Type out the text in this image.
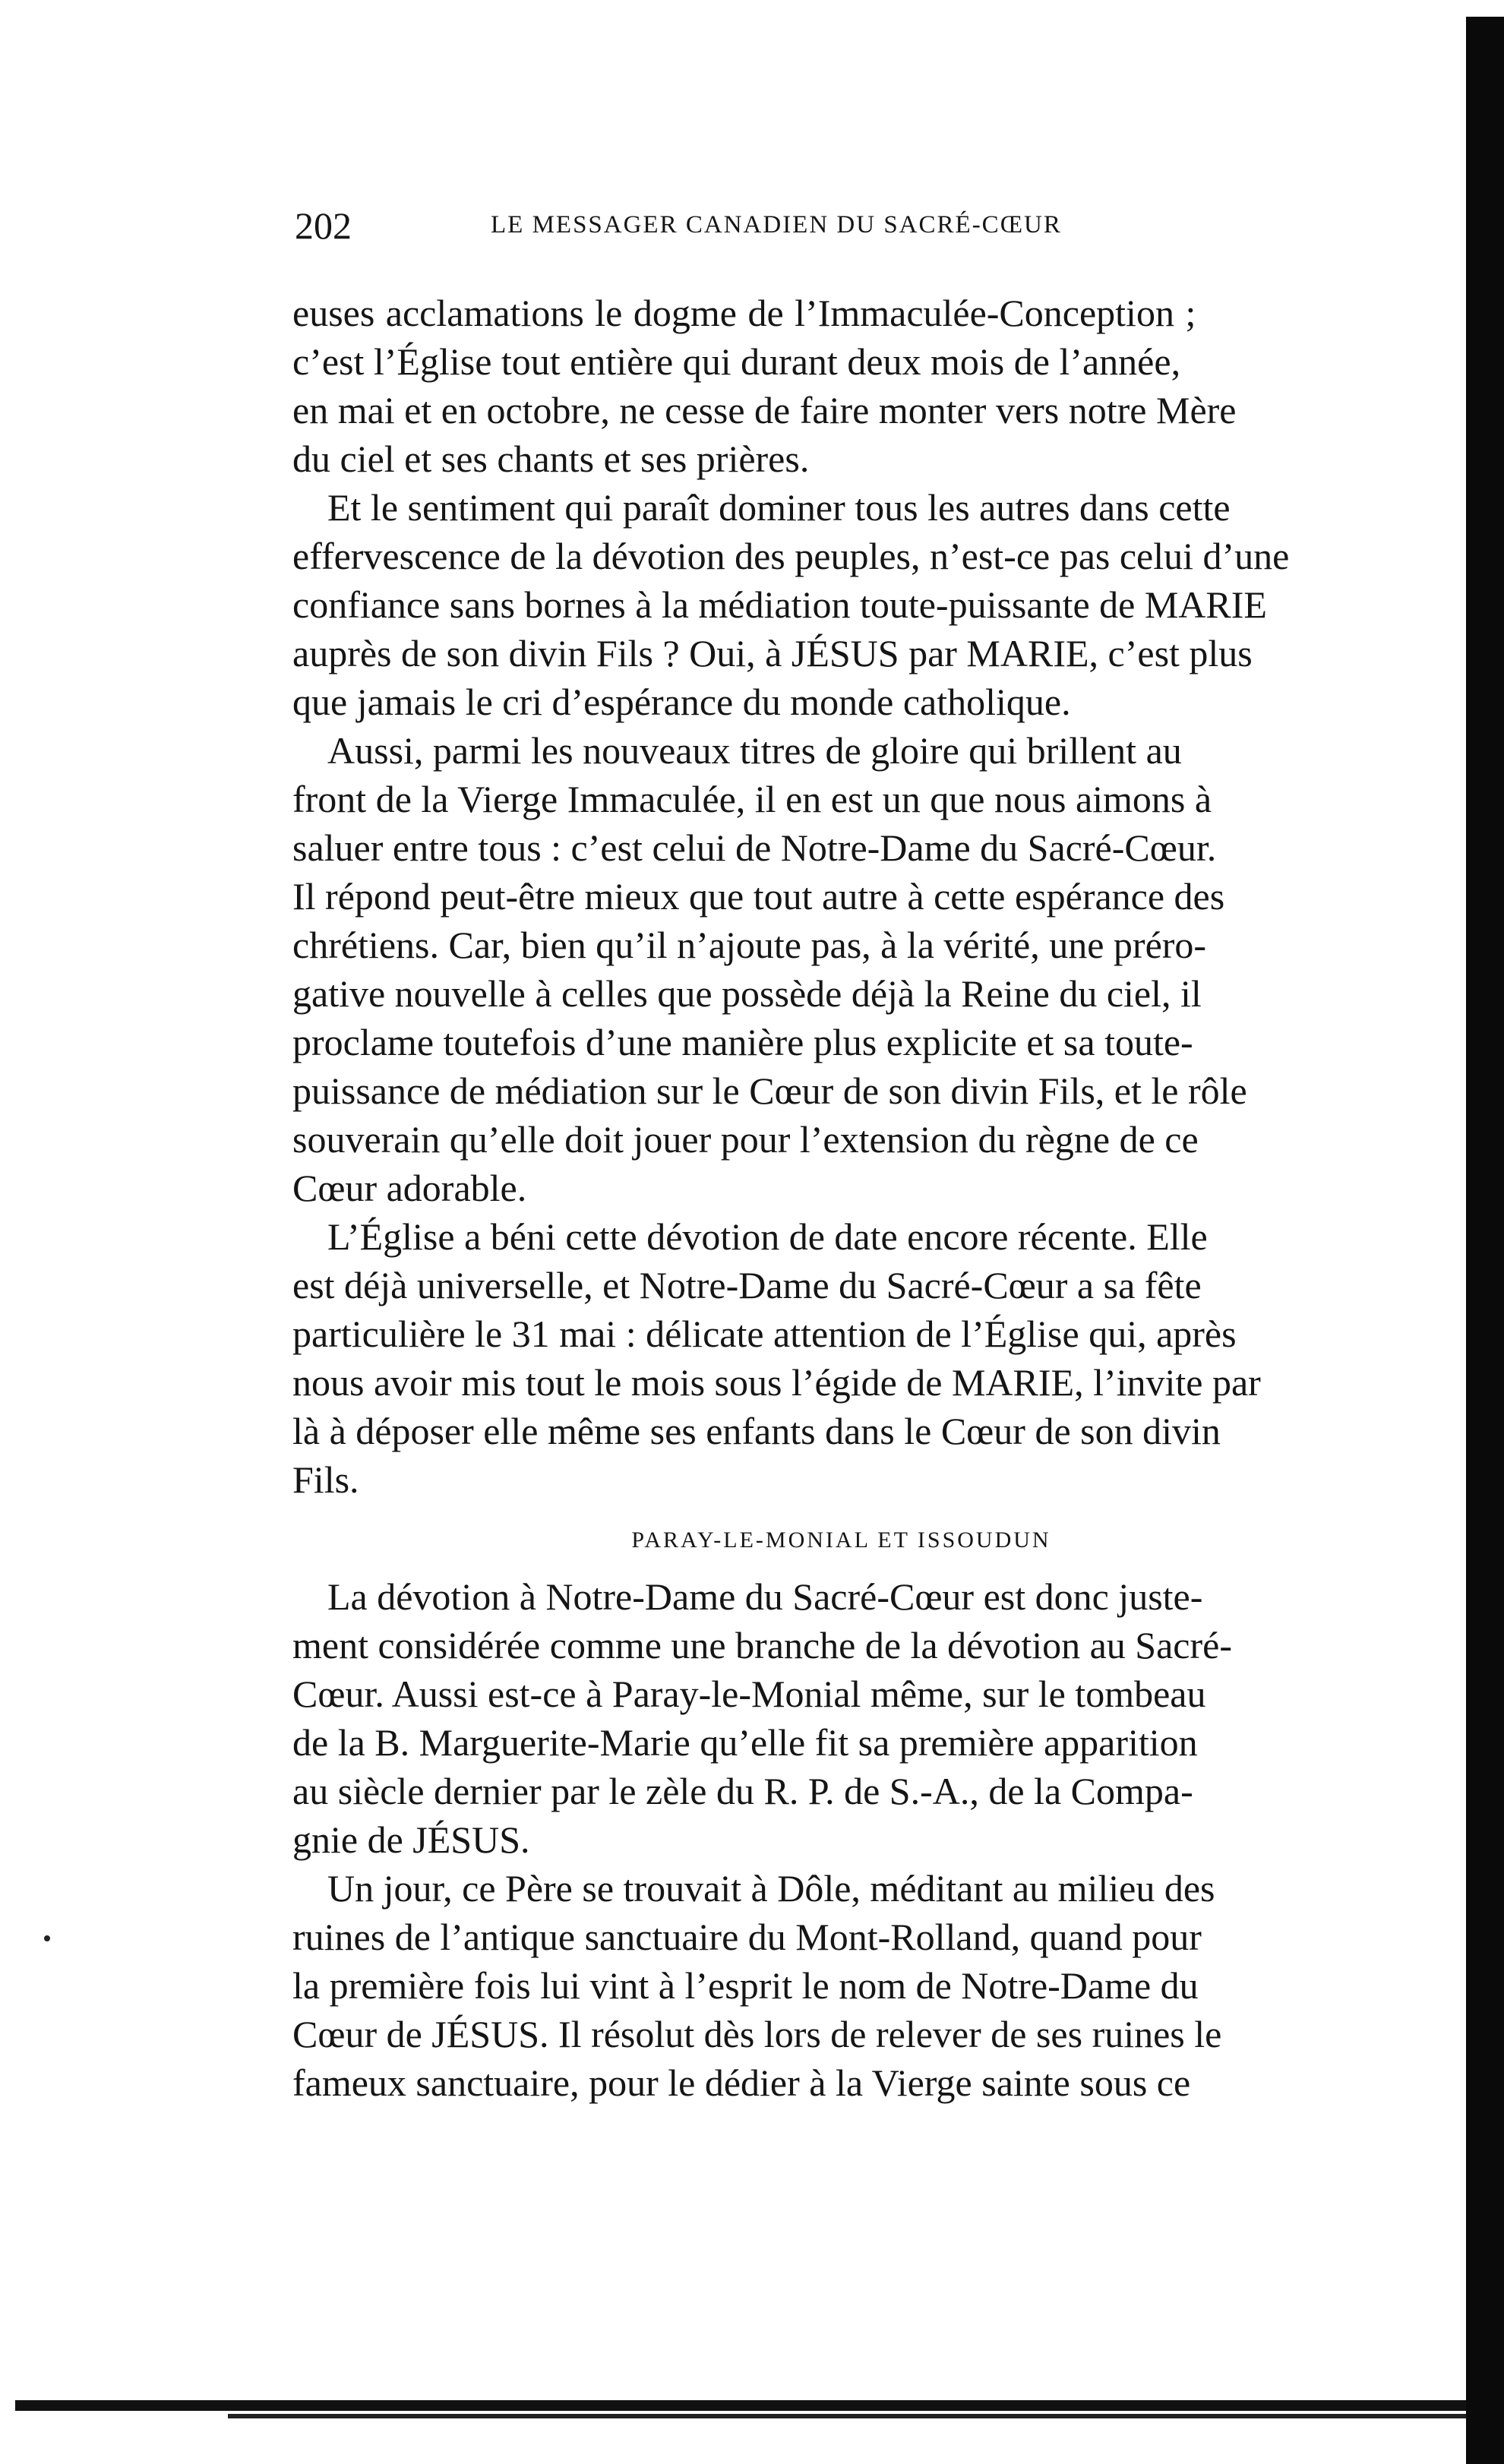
202	LE MESSAGER CANADIEN DU SACRÉ-CŒUR
euses acclamations le dogme de l’Immaculée-Conception ;
c’est l’Église tout entière qui durant deux mois de l’année,
en mai et en octobre, ne cesse de faire monter vers notre Mère
du ciel et ses chants et ses prières.
Et le sentiment qui paraît dominer tous les autres dans cette
effervescence de la dévotion des peuples, n’est-ce pas celui d’une
confiance sans bornes à la médiation toute-puissante de MARIE
auprès de son divin Fils ? Oui, à JÉSUS par MARIE, c’est plus
que jamais le cri d’espérance du monde catholique.
Aussi, parmi les nouveaux titres de gloire qui brillent au
front de la Vierge Immaculée, il en est un que nous aimons à
saluer entre tous : c’est celui de Notre-Dame du Sacré-Cœur.
Il répond peut-être mieux que tout autre à cette espérance des
chrétiens. Car, bien qu’il n’ajoute pas, à la vérité, une préro-
gative nouvelle à celles que possède déjà la Reine du ciel, il
proclame toutefois d’une manière plus explicite et sa toute-
puissance de médiation sur le Cœur de son divin Fils, et le rôle
souverain qu’elle doit jouer pour l’extension du règne de ce
Cœur adorable.
L’Église a béni cette dévotion de date encore récente. Elle
est déjà universelle, et Notre-Dame du Sacré-Cœur a sa fête
particulière le 31 mai : délicate attention de l’Église qui, après
nous avoir mis tout le mois sous l’égide de MARIE, l’invite par
là à déposer elle même ses enfants dans le Cœur de son divin
Fils.
PARAY-LE-MONIAL ET ISSOUDUN
La dévotion à Notre-Dame du Sacré-Cœur est donc juste-
ment considérée comme une branche de la dévotion au Sacré-
Cœur. Aussi est-ce à Paray-le-Monial même, sur le tombeau
de la B. Marguerite-Marie qu’elle fit sa première apparition
au siècle dernier par le zèle du R. P. de S.-A., de la Compa-
gnie de JÉSUS.
Un jour, ce Père se trouvait à Dôle, méditant au milieu des
ruines de l’antique sanctuaire du Mont-Rolland, quand pour
la première fois lui vint à l’esprit le nom de Notre-Dame du
Cœur de JÉSUS. Il résolut dès lors de relever de ses ruines le
fameux sanctuaire, pour le dédier à la Vierge sainte sous ce
